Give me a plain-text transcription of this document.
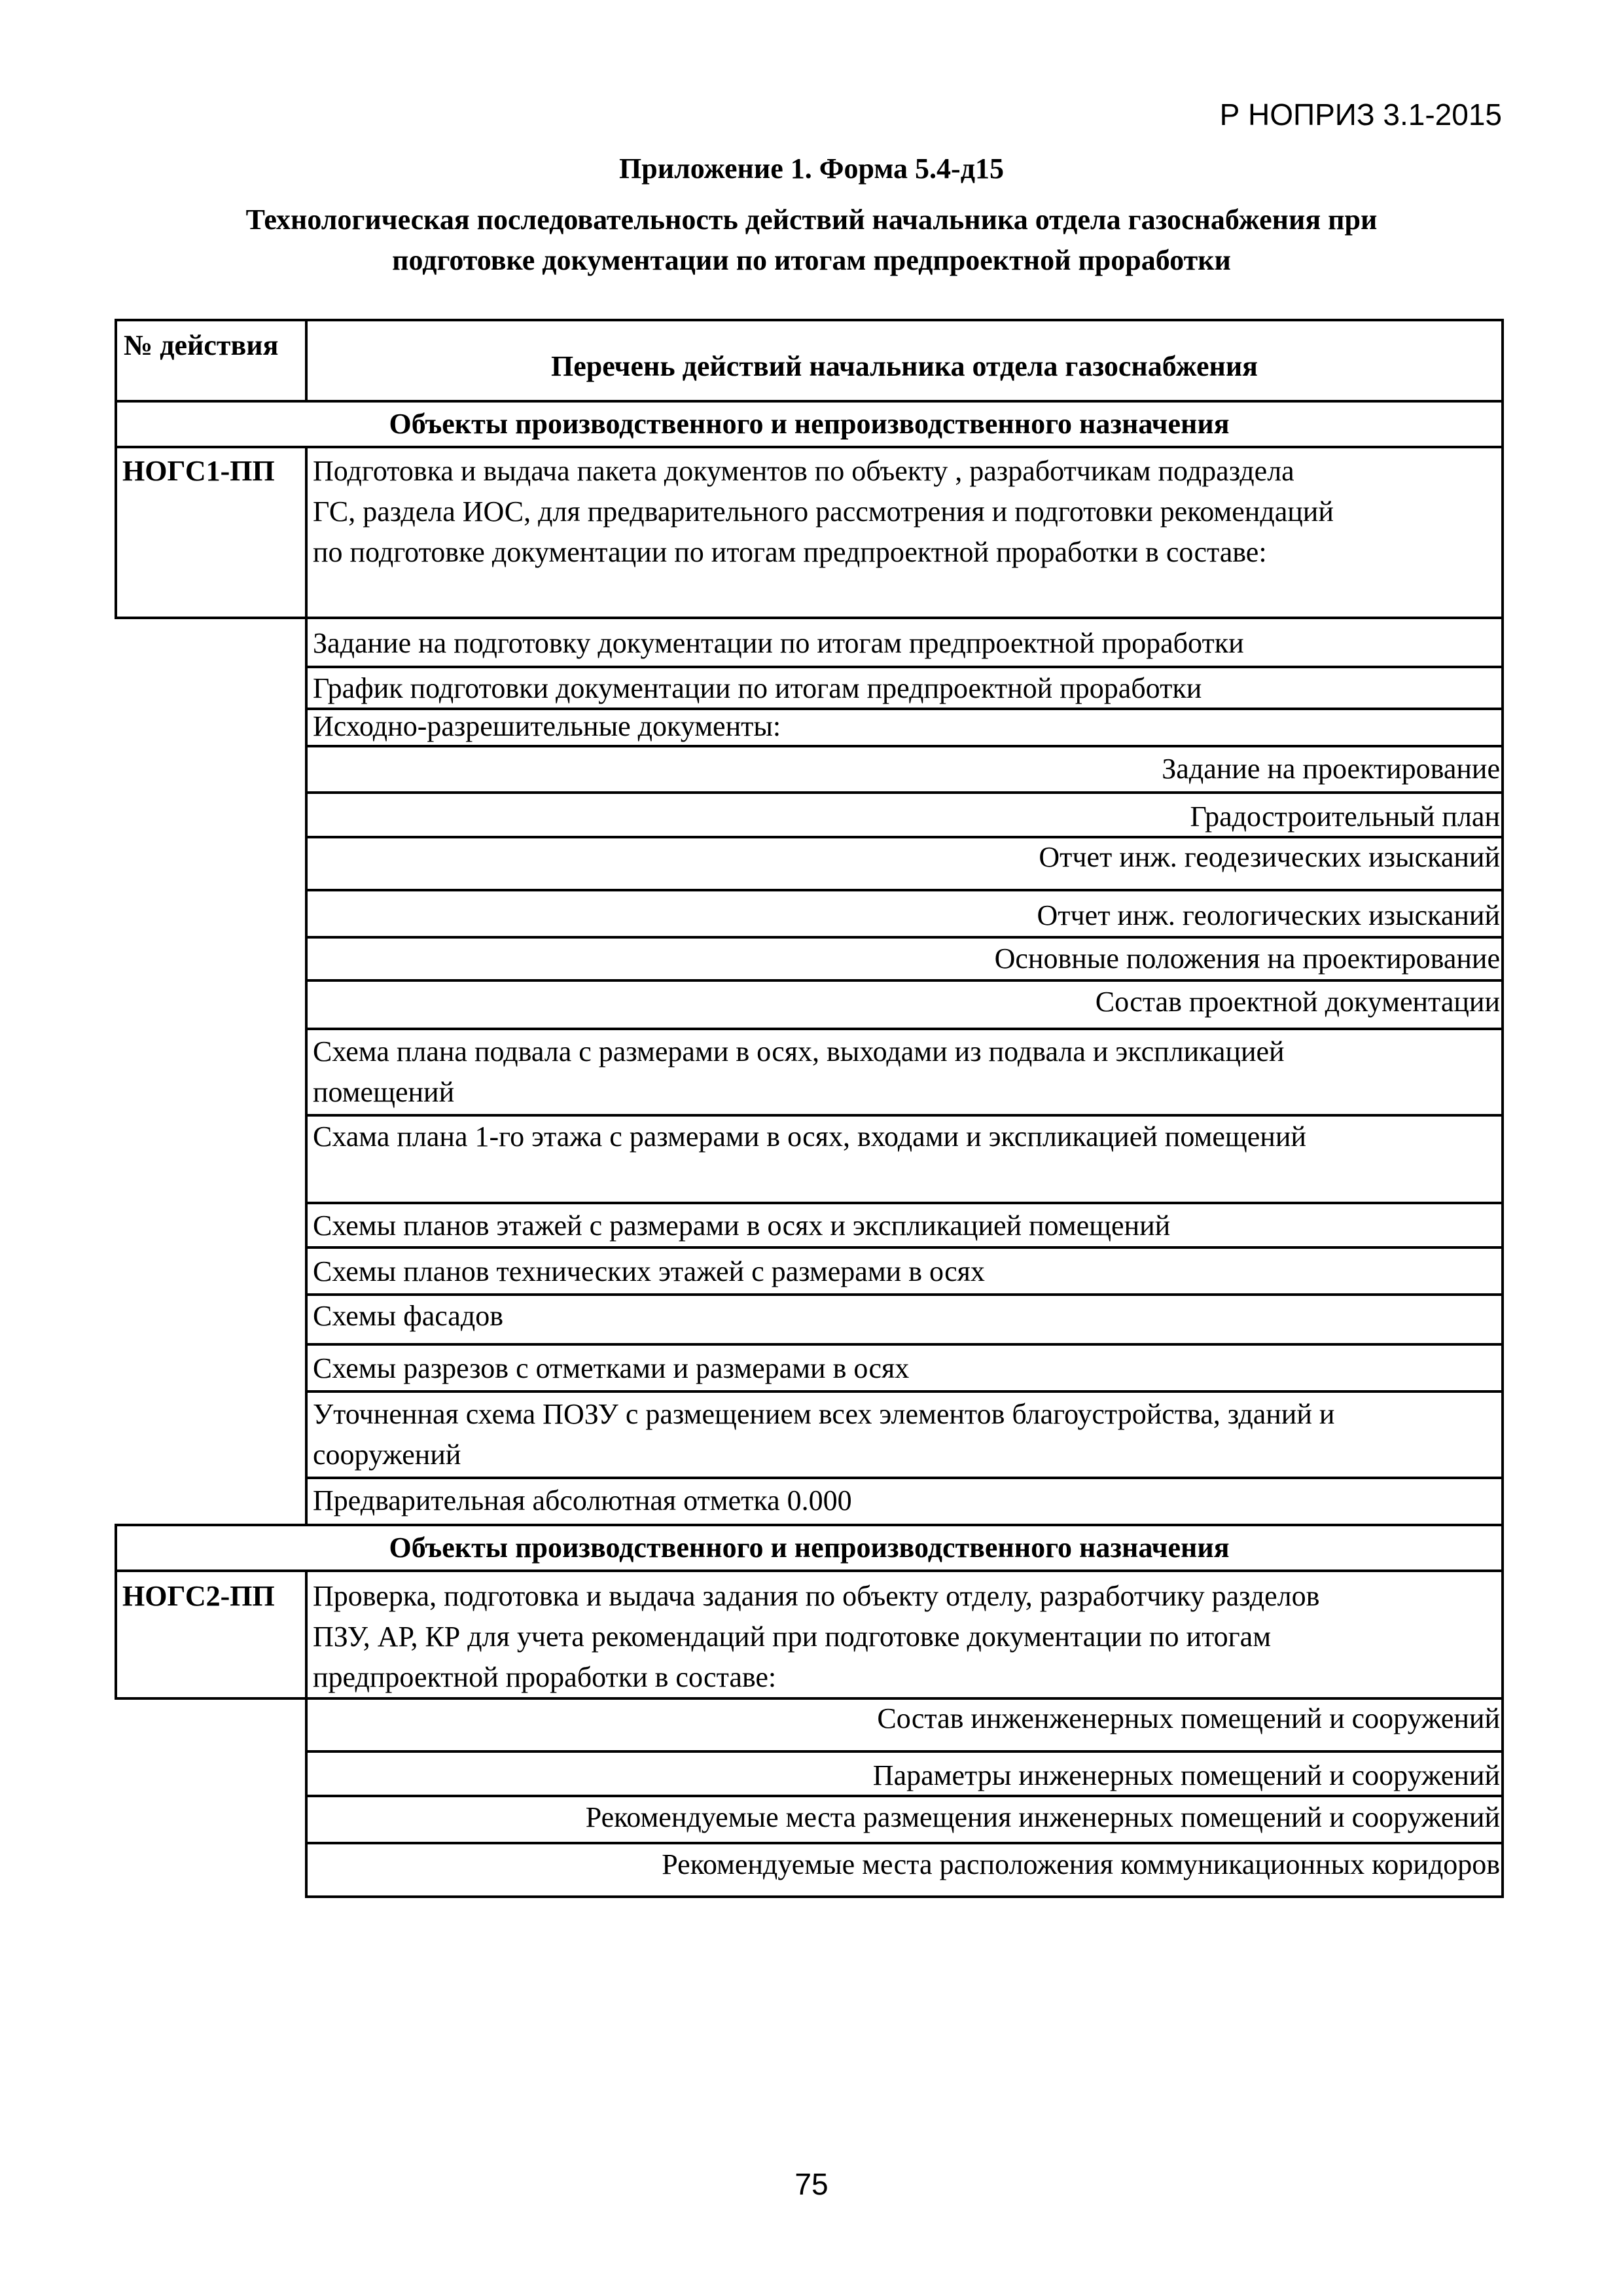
Р НОПРИЗ 3.1-2015
Приложение 1. Форма 5.4-д15
Технологическая последовательность действий начальника отдела газоснабжения при
подготовке документации по итогам предпроектной проработки
№ действия
Перечень действий начальника отдела газоснабжения
Объекты производственного и непроизводственного назначения
НОГС1-ПП Подготовка и выдача пакета документов по объекту , разработчикам подраздела
ГС, раздела ИОС, для предварительного рассмотрения и подготовки рекомендаций
по подготовке документации по итогам предпроектной проработки в составе:
Задание на подготовку документации по итогам предпроектной проработки
График подготовки документации по итогам предпроектной проработки
Исходно-разрешительные документы:
Задание на проектирование
Градостроительный план
Отчет инж. геодезических изысканий
Отчет инж. геологических изысканий
Основные положения на проектирование
Состав проектной документации
Схема плана подвала с размерами в осях, выходами из подвала и экспликацией
помещений
Схама плана 1-го этажа с размерами в осях, входами и экспликацией помещений
Схемы планов этажей с размерами в осях и экспликацией помещений
Схемы планов технических этажей с размерами в осях
Схемы фасадов
Схемы разрезов с отметками и размерами в осях
Уточненная схема ПОЗУ с размещением всех элементов благоустройства, зданий и
сооружений
Предварительная абсолютная отметка 0.000
Объекты производственного и непроизводственного назначения
НОГС2-ПП Проверка, подготовка и выдача задания по объекту отделу, разработчику разделов
ПЗУ, АР, КР для учета рекомендаций при подготовке документации по итогам
предпроектной проработки в составе:
Состав инженженерных помещений и сооружений
Параметры инженерных помещений и сооружений
Рекомендуемые места размещения инженерных помещений и сооружений
Рекомендуемые места расположения коммуникационных коридоров
75
